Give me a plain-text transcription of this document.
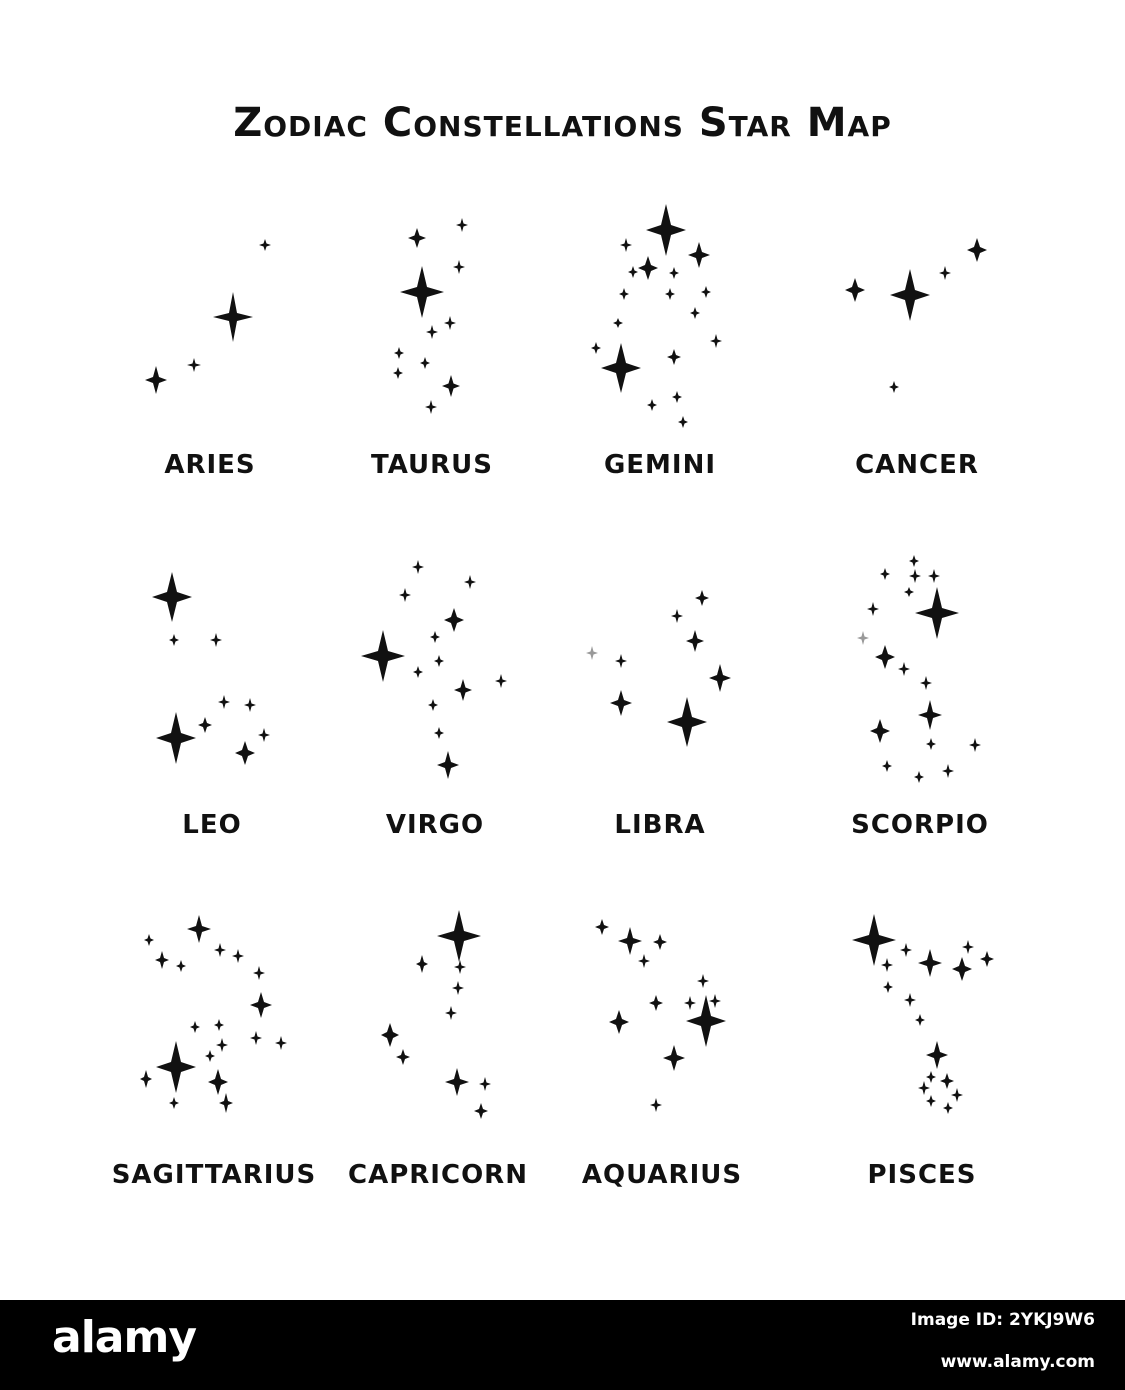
Zodiac Constellations Star Map
ARIES	TAURUS	GEMINI	CANCER
LEO	VIRGO	LIBRA	SCORPIO
SAGITTARIUS	CAPRICORN	AQUARIUS	PISCES
alamy	Image ID: 2YKJ9W6
www.alamy.com
